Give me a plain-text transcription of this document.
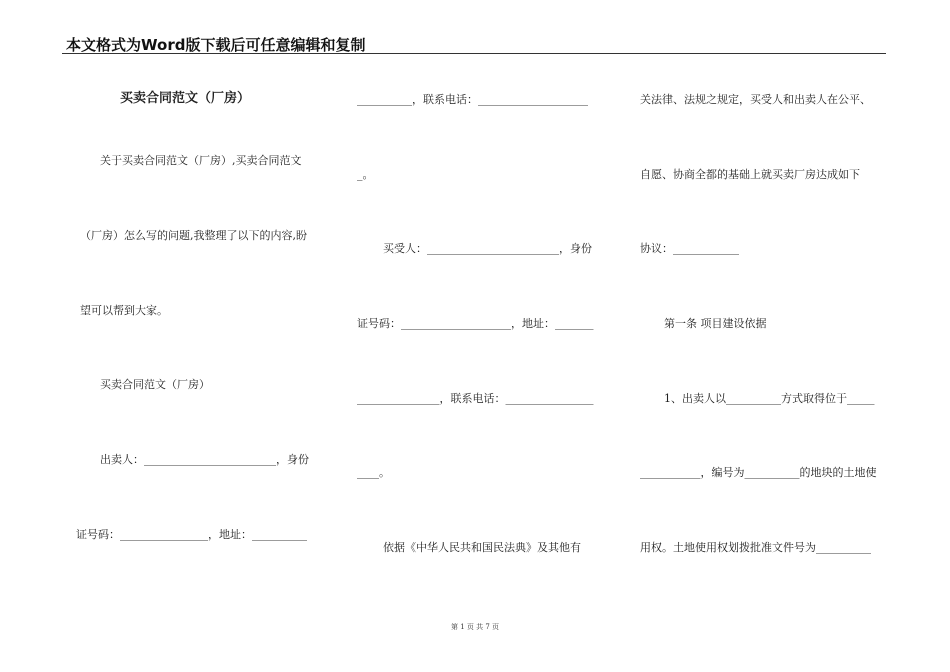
本文格式为Word版下载后可任意编辑和复制
买卖合同范文（厂房）
关于买卖合同范文（厂房）,买卖合同范文
（厂房）怎么写的问题,我整理了以下的内容,盼
望可以帮到大家。
买卖合同范文（厂房）
出卖人：________________________，身份
证号码：________________，地址：__________
__________，联系电话：____________________
_。
买受人：________________________，身份
证号码：____________________，地址：_______
_______________，联系电话：________________
____。
依据《中华人民共和国民法典》及其他有
关法律、法规之规定，买受人和出卖人在公平、
自愿、协商全都的基础上就买卖厂房达成如下
协议：____________
第一条 项目建设依据
1、出卖人以__________方式取得位于_____
___________，编号为__________的地块的土地使
用权。土地使用权划拨批准文件号为__________
第 1 页 共 7 页
